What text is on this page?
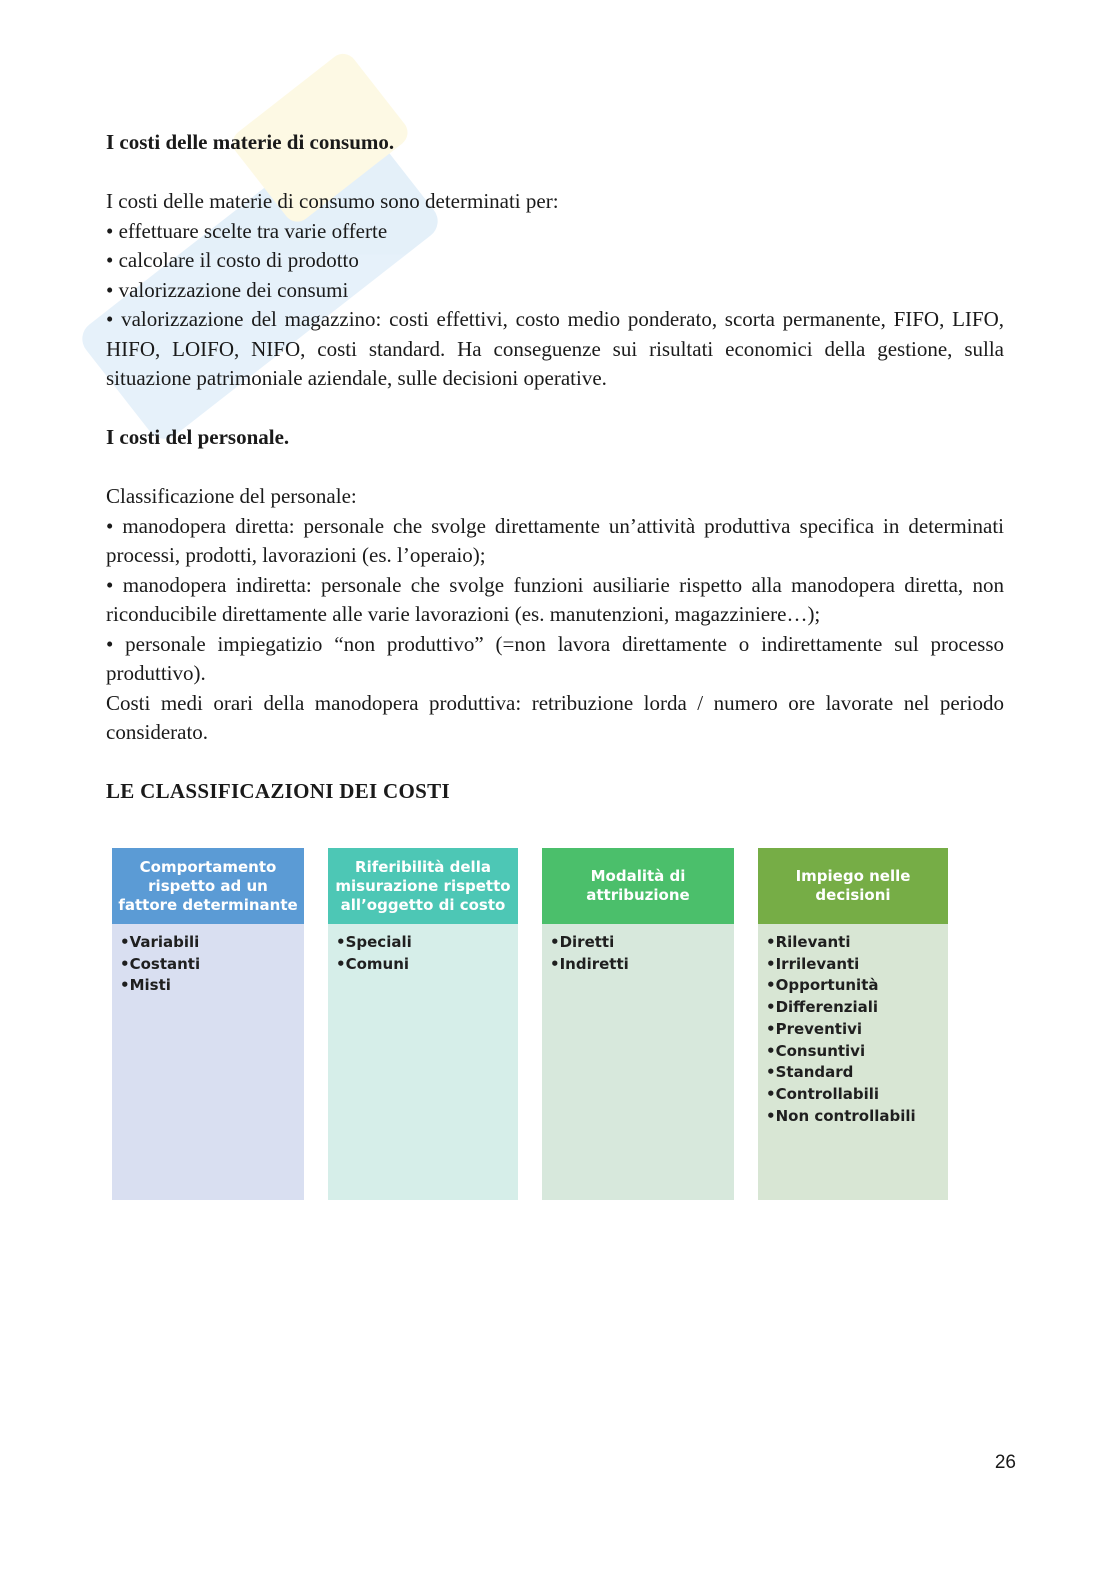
I costi delle materie di consumo.

I costi delle materie di consumo sono determinati per:

• effettuare scelte tra varie offerte

• calcolare il costo di prodotto

• valorizzazione dei consumi

• valorizzazione del magazzino: costi effettivi, costo medio ponderato, scorta permanente, FIFO, LIFO, HIFO, LOIFO, NIFO, costi standard. Ha conseguenze sui risultati economici della gestione, sulla situazione patrimoniale aziendale, sulle decisioni operative.

I costi del personale.

Classificazione del personale:

• manodopera diretta: personale che svolge direttamente un’attività produttiva specifica in determinati processi, prodotti, lavorazioni (es. l’operaio);

• manodopera indiretta: personale che svolge funzioni ausiliarie rispetto alla manodopera diretta, non riconducibile direttamente alle varie lavorazioni (es. manutenzioni, magazziniere…);

• personale impiegatizio “non produttivo” (=non lavora direttamente o indirettamente sul processo produttivo).

Costi medi orari della manodopera produttiva: retribuzione lorda / numero ore lavorate nel periodo considerato.

LE CLASSIFICAZIONI DEI COSTI

Comportamento rispetto ad un fattore determinante
• Variabili
• Costanti
• Misti
Riferibilità della misurazione rispetto all’oggetto di costo
• Speciali
• Comuni
Modalità di attribuzione
• Diretti
• Indiretti
Impiego nelle decisioni
• Rilevanti
• Irrilevanti
• Opportunità
• Differenziali
• Preventivi
• Consuntivi
• Standard
• Controllabili
• Non controllabili
26
